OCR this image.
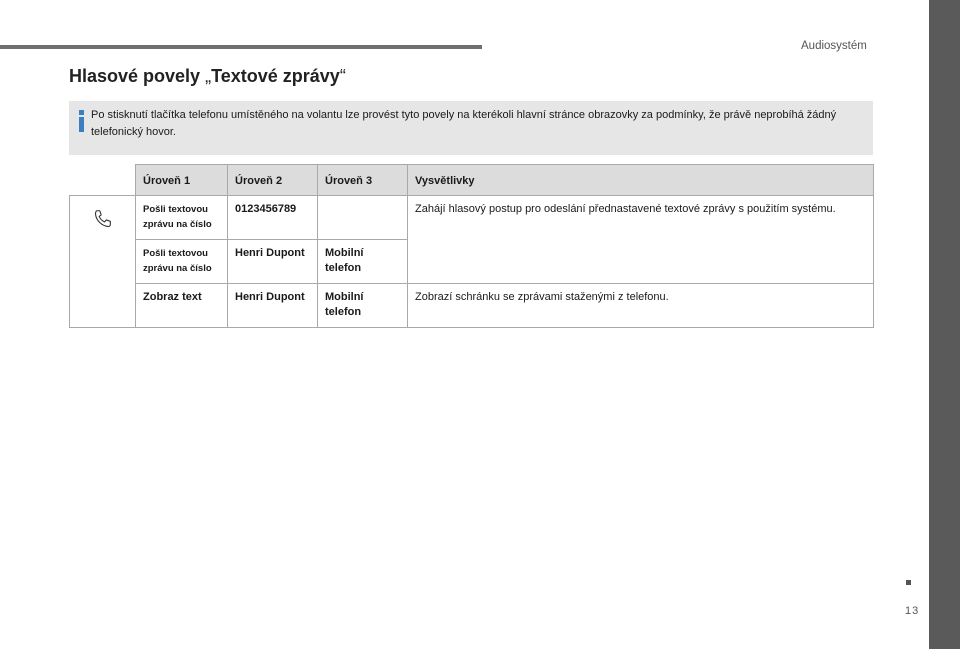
Audiosystém
Hlasové povely „Textové zprávy“
Po stisknutí tlačítka telefonu umístěného na volantu lze provést tyto povely na kterékoli hlavní stránce obrazovky za podmínky, že právě neprobíhá žádný telefonický hovor.
	Úroveň 1	Úroveň 2	Úroveň 3	Vysvětlivky
	Pošli textovou zprávu na číslo	0123456789		Zahájí hlasový postup pro odeslání přednastavené textové zprávy s použitím systému.
	Pošli textovou zprávu na číslo	Henri Dupont	Mobilní telefon	
	Zobraz text	Henri Dupont	Mobilní telefon	Zobrazí schránku se zprávami staženými z telefonu.
13
